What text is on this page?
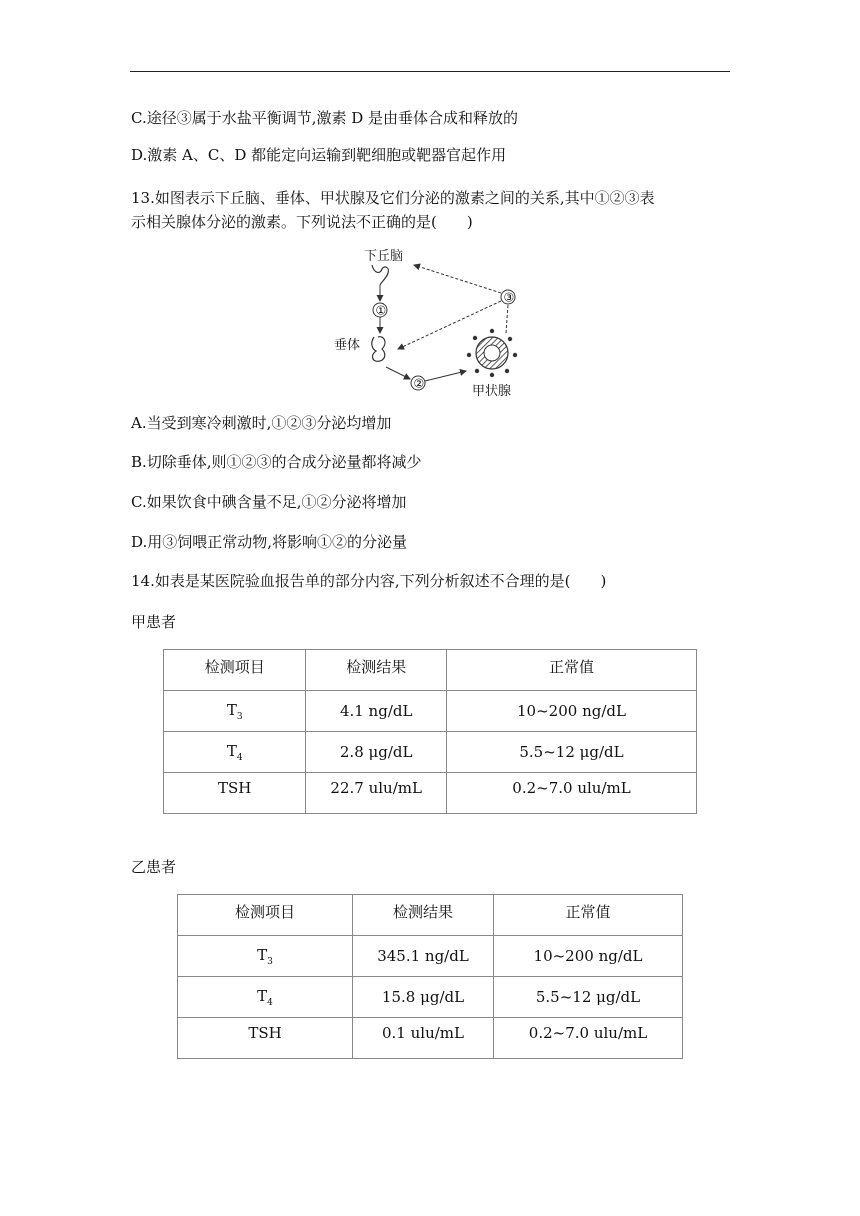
C.途径③属于水盐平衡调节,激素 D 是由垂体合成和释放的
D.激素 A、C、D 都能定向运输到靶细胞或靶器官起作用
13.如图表示下丘脑、垂体、甲状腺及它们分泌的激素之间的关系,其中①②③表
示相关腺体分泌的激素。下列说法不正确的是(　　)
下丘脑
①
垂体
②
甲状腺
③
A.当受到寒冷刺激时,①②③分泌均增加
B.切除垂体,则①②③的合成分泌量都将减少
C.如果饮食中碘含量不足,①②分泌将增加
D.用③饲喂正常动物,将影响①②的分泌量
14.如表是某医院验血报告单的部分内容,下列分析叙述不合理的是(　　)
甲患者
检测项目	检测结果	正常值
$T_3$	4.1 ng/dL	10~200 ng/dL
$T_4$	2.8 μg/dL	5.5~12 μg/dL
TSH	22.7 ulu/mL	0.2~7.0 ulu/mL
乙患者
检测项目	检测结果	正常值
$T_3$	345.1 ng/dL	10~200 ng/dL
$T_4$	15.8 μg/dL	5.5~12 μg/dL
TSH	0.1 ulu/mL	0.2~7.0 ulu/mL
